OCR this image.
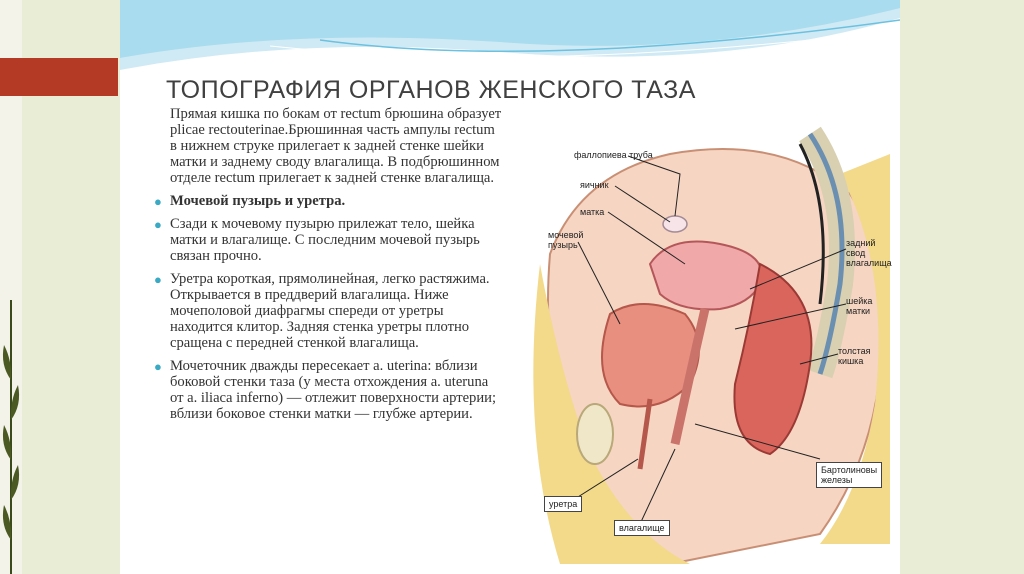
ТОПОГРАФИЯ ОРГАНОВ ЖЕНСКОГО ТАЗА

Прямая кишка по бокам от rectum брюшина образует plicae rectouterinae.Брюшинная часть ампулы rectum в нижнем струке прилегает к задней стенке шейки матки и заднему своду влагалища. В подбрюшинном отделе rectum прилегает к задней стенке влагалища.

● Мочевой пузырь и уретра.

● Сзади к мочевому пузырю прилежат тело, шейка матки и влагалище. С последним мочевой пузырь связан прочно.

● Уретра короткая, прямолинейная, легко растяжима. Открывается в преддверий влагалища. Ниже мочеполовой диафрагмы спереди от уретры находится клитор. Задняя стенка уретры плотно сращена с передней стенкой влагалища.

● Мочеточник дважды пересекает a. uterina: вблизи боковой стенки таза (у места отхождения a. uteruna от a. iliaca inferno) — отлежит поверхности артерии; вблизи боковое стенки матки — глубже артерии.

фаллопиева труба
яичник
матка
мочевой пузырь	задний свод влагалища
шейка матки
толстая кишка
Бартолиновы железы
уретра
влагалище
